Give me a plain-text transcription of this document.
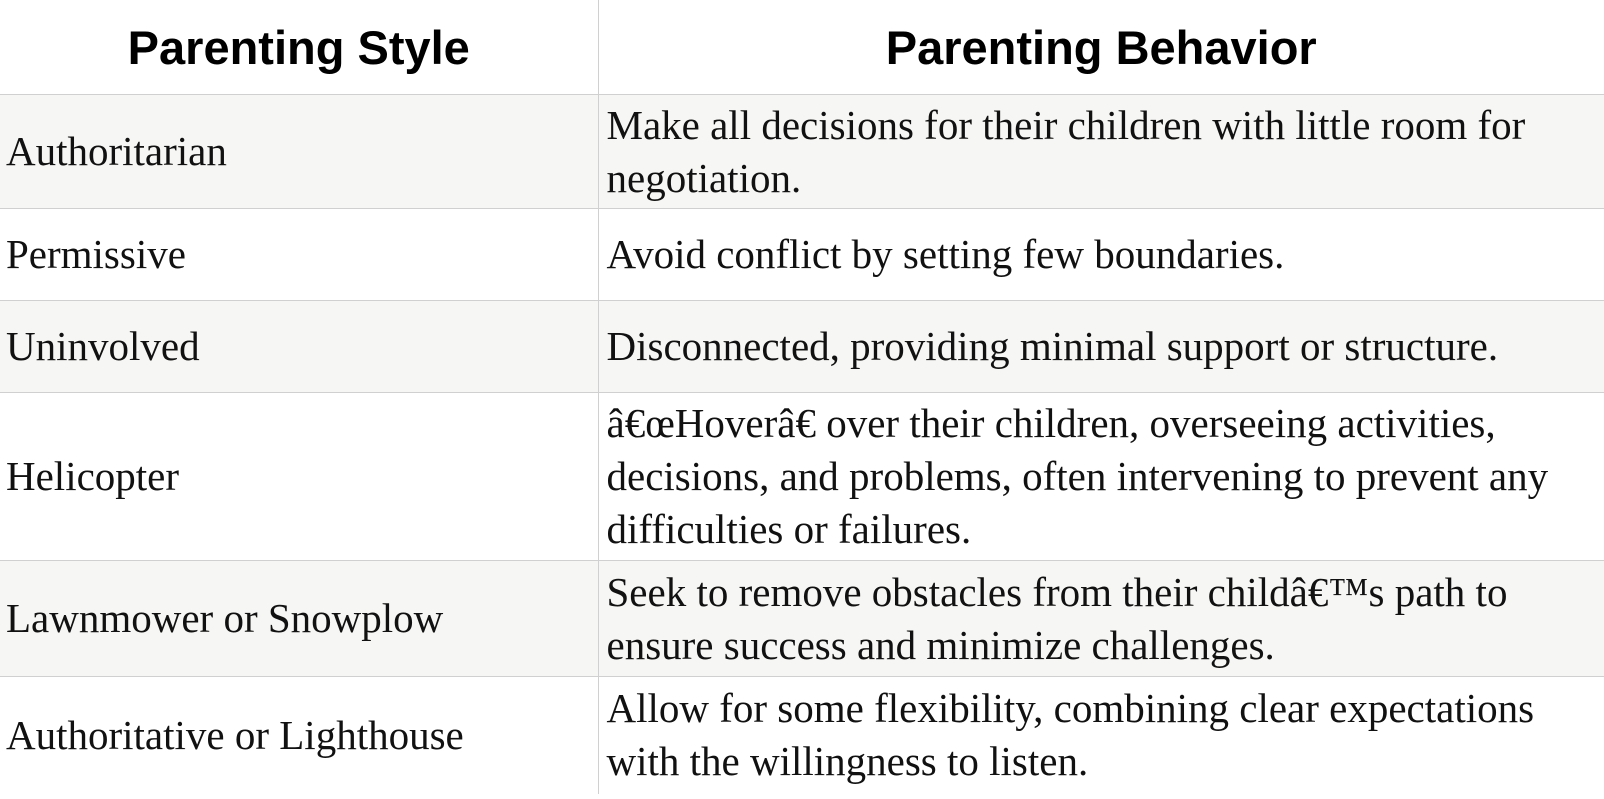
Parenting Style	Parenting Behavior
Authoritarian	Make all decisions for their children with little room for negotiation.
Permissive	Avoid conflict by setting few boundaries.
Uninvolved	Disconnected, providing minimal support or structure.
Helicopter	â€œHoverâ€ over their children, overseeing activities, decisions, and problems, often intervening to prevent any difficulties or failures.
Lawnmower or Snowplow	Seek to remove obstacles from their childâ€™s path to ensure success and minimize challenges.
Authoritative or Lighthouse	Allow for some flexibility, combining clear expectations with the willingness to listen.
